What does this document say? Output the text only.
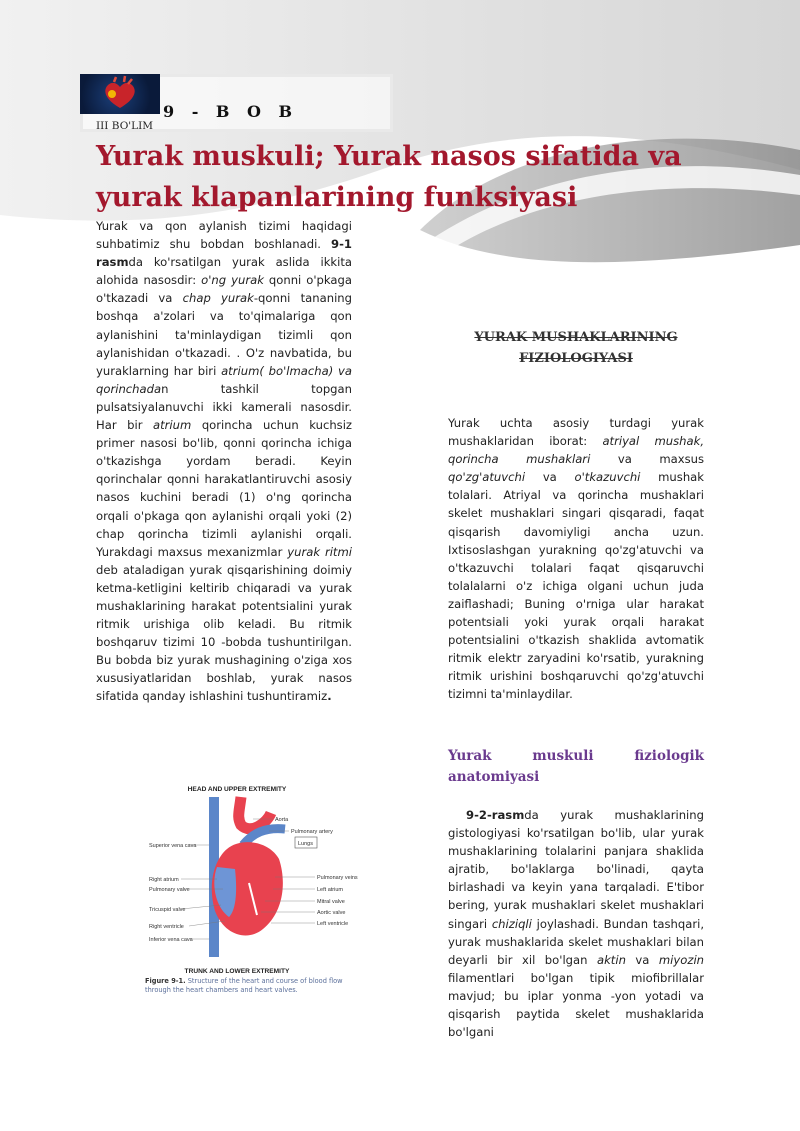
9 - B O B
III BO'LIM
Yurak muskuli; Yurak nasos sifatida va yurak klapanlarining funksiyasi

Yurak va qon aylanish tizimi haqidagi suhbatimiz shu bobdan boshlanadi. 9-1 rasmda ko'rsatilgan yurak aslida ikkita alohida nasosdir: o'ng yurak qonni o'pkaga o'tkazadi va chap yurak-qonni tananing boshqa a'zolari va to'qimalariga qon aylanishini ta'minlaydigan tizimli qon aylanishidan o'tkazadi. . O'z navbatida, bu yuraklarning har biri atrium( bo'lmacha) va qorinchadan tashkil topgan pulsatsiyalanuvchi ikki kamerali nasosdir. Har bir atrium qorincha uchun kuchsiz primer nasosi bo'lib, qonni qorincha ichiga o'tkazishga yordam beradi. Keyin qorinchalar qonni harakatlantiruvchi asosiy nasos kuchini beradi (1) o'ng qorincha orqali o'pkaga qon aylanishi orqali yoki (2) chap qorincha tizimli aylanishi orqali. Yurakdagi maxsus mexanizmlar yurak ritmi deb ataladigan yurak qisqarishining doimiy ketma-ketligini keltirib chiqaradi va yurak mushaklarining harakat potentsialini yurak ritmik urishiga olib keladi. Bu ritmik boshqaruv tizimi 10 -bobda tushuntirilgan. Bu bobda biz yurak mushagining o'ziga xos xususiyatlaridan boshlab, yurak nasos sifatida qanday ishlashini tushuntiramiz.

YURAK MUSHAKLARINING FIZIOLOGIYASI

Yurak uchta asosiy turdagi yurak mushaklaridan iborat: atriyal mushak, qorincha mushaklari va maxsus qo'zg'atuvchi va o'tkazuvchi mushak tolalari. Atriyal va qorincha mushaklari skelet mushaklari singari qisqaradi, faqat qisqarish davomiyligi ancha uzun. Ixtisoslashgan yurakning qo'zg'atuvchi va o'tkazuvchi tolalari faqat qisqaruvchi tolalalarni o'z ichiga olgani uchun juda zaiflashadi; Buning o'rniga ular harakat potentsiali yoki yurak orqali harakat potentsialini o'tkazish shaklida avtomatik ritmik elektr zaryadini ko'rsatib, yurakning ritmik urishini boshqaruvchi qo'zg'atuvchi tizimni ta'minlaydilar.

Yurak muskuli fiziologik
anatomiyasi

9-2-rasmda yurak mushaklarining gistologiyasi ko'rsatilgan bo'lib, ular yurak mushaklarining tolalarini panjara shaklida ajratib, bo'laklarga bo'linadi, qayta birlashadi va keyin yana tarqaladi. E'tibor bering, yurak mushaklari skelet mushaklari singari chiziqli joylashadi. Bundan tashqari, yurak mushaklarida skelet mushaklari bilan deyarli bir xil bo'lgan aktin va miyozin filamentlari bo'lgan tipik miofibrillalar mavjud; bu iplar yonma -yon yotadi va qisqarish paytida skelet mushaklarida bo'lgani

HEAD AND UPPER EXTREMITY
TRUNK AND LOWER EXTREMITY
Superior vena cava
Right atrium
Pulmonary valve
Tricuspid valve
Right ventricle
Inferior vena cava
Aorta
Pulmonary artery
Lungs
Pulmonary veins
Left atrium
Mitral valve
Aortic valve
Left ventricle
Figure 9-1. Structure of the heart and course of blood flow through the heart chambers and heart valves.
